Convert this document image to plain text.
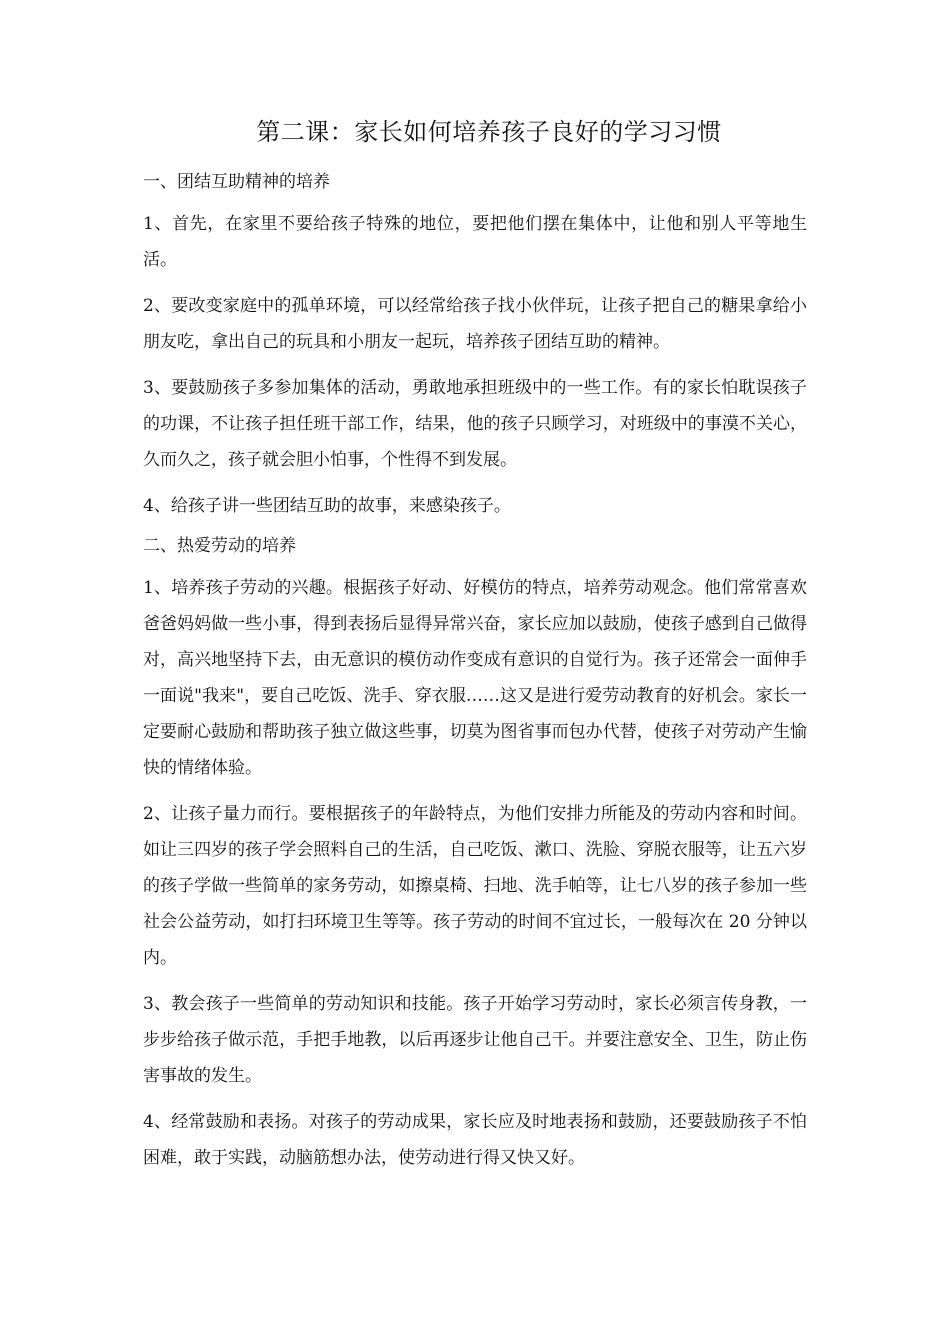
第二课：家长如何培养孩子良好的学习习惯

一、团结互助精神的培养

1、首先，在家里不要给孩子特殊的地位，要把他们摆在集体中，让他和别人平等地生活。

2、要改变家庭中的孤单环境，可以经常给孩子找小伙伴玩，让孩子把自己的糖果拿给小朋友吃，拿出自己的玩具和小朋友一起玩，培养孩子团结互助的精神。

3、要鼓励孩子多参加集体的活动，勇敢地承担班级中的一些工作。有的家长怕耽误孩子的功课，不让孩子担任班干部工作，结果，他的孩子只顾学习，对班级中的事漠不关心，久而久之，孩子就会胆小怕事，个性得不到发展。

4、给孩子讲一些团结互助的故事，来感染孩子。

二、热爱劳动的培养

1、培养孩子劳动的兴趣。根据孩子好动、好模仿的特点，培养劳动观念。他们常常喜欢爸爸妈妈做一些小事，得到表扬后显得异常兴奋，家长应加以鼓励，使孩子感到自己做得对，高兴地坚持下去，由无意识的模仿动作变成有意识的自觉行为。孩子还常会一面伸手一面说"我来"，要自己吃饭、洗手、穿衣服……这又是进行爱劳动教育的好机会。家长一定要耐心鼓励和帮助孩子独立做这些事，切莫为图省事而包办代替，使孩子对劳动产生愉快的情绪体验。

2、让孩子量力而行。要根据孩子的年龄特点，为他们安排力所能及的劳动内容和时间。如让三四岁的孩子学会照料自己的生活，自己吃饭、漱口、洗脸、穿脱衣服等，让五六岁的孩子学做一些简单的家务劳动，如擦桌椅、扫地、洗手帕等，让七八岁的孩子参加一些社会公益劳动，如打扫环境卫生等等。孩子劳动的时间不宜过长，一般每次在 20 分钟以内。

3、教会孩子一些简单的劳动知识和技能。孩子开始学习劳动时，家长必须言传身教，一步步给孩子做示范，手把手地教，以后再逐步让他自己干。并要注意安全、卫生，防止伤害事故的发生。

4、经常鼓励和表扬。对孩子的劳动成果，家长应及时地表扬和鼓励，还要鼓励孩子不怕困难，敢于实践，动脑筋想办法，使劳动进行得又快又好。
